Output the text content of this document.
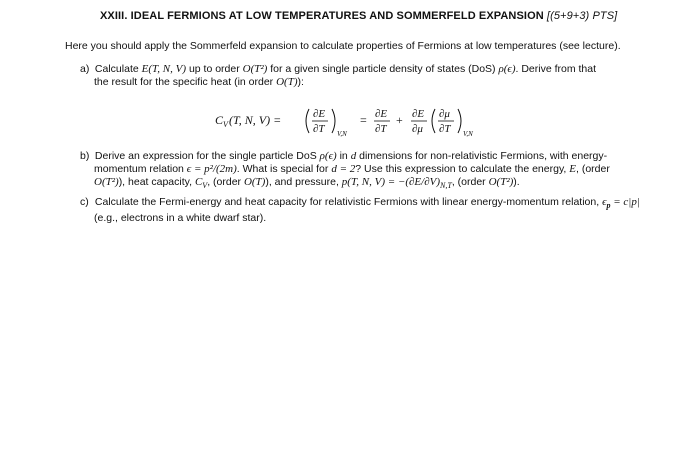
XXIII. IDEAL FERMIONS AT LOW TEMPERATURES AND SOMMERFELD EXPANSION [(5+9+3) PTS]
Here you should apply the Sommerfeld expansion to calculate properties of Fermions at low temperatures (see lecture).
a) Calculate E(T, N, V) up to order O(T²) for a given single particle density of states (DoS) ρ(ϵ). Derive from that
the result for the specific heat (in order O(T)):
C V (T, N, V) =	∂E
∂T V,N
= ∂E
∂T
+ ∂E
∂μ
∂μ
∂T V,N
b) Derive an expression for the single particle DoS ρ(ϵ) in d dimensions for non-relativistic Fermions, with energy-
momentum relation ϵ = p²/(2m). What is special for d = 2? Use this expression to calculate the energy, E, (order
O(T²)), heat capacity, $C_V$, (order O(T)), and pressure, p(T, N, $V) = -(\partial E/\partial V)_{N,T}$, (order O(T²)).
c) Calculate the Fermi-energy and heat capacity for relativistic Fermions with linear energy-momentum relation, $\epsilon_p = c|p|$
(e.g., electrons in a white dwarf star).
